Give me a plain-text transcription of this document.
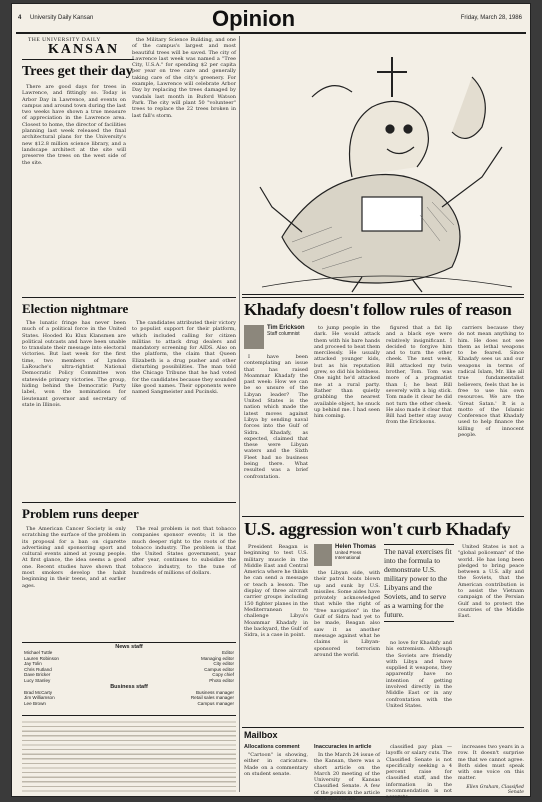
4 University Daily Kansan	Opinion	Friday, March 28, 1986
THE UNIVERSITY DAILY
KANSAN
Trees get their day

There are good days for trees in Lawrence, and fittingly so. Today is Arbor Day in Lawrence, and events on campus and around town during the last two weeks have shown a true measure of appreciation in the Lawrence area. Closest to home, the director of facilities planning last week released the final architectural plans for the University's new $12.8 million science library, and a landscape architect at the site will preserve the trees on the west side of the site.

the Military Science Building, and one of the campus's largest and most beautiful trees will be saved. The city of Lawrence last week was named a "Tree City, U.S.A." for spending $2 per capita per year on tree care and generally taking care of the city's greenery. For example, Lawrence will celebrate Arbor Day by replacing the trees damaged by vandals last month in Buford Watson Park. The city will plant 50 "volunteer" trees to replace the 22 trees broken in last fall's storm.

Election nightmare

The lunatic fringe has never been much of a political force in the United States. Hooded Ku Klux Klansmen are political outcasts and have been unable to translate their message into electoral victories. But last week for the first time, two members of Lyndon LaRouche's ultra-rightist National Democratic Policy Committee won statewide primary victories. The group, hiding behind the Democratic Party label, won the nominations for lieutenant governor and secretary of state in Illinois.

The candidates attributed their victory to populist support for their platform, which included calling for citizen militias to attack drug dealers and mandatory screening for AIDS. Also on the platform, the claim that Queen Elizabeth is a drug pusher and other disturbing possibilities. The man told the Chicago Tribune that he had voted for the candidates because they sounded like good names. Their opponents were named Sangmeister and Pucinski.

Problem runs deeper

The American Cancer Society is only scratching the surface of the problem in its proposal for a ban on cigarette advertising and sponsoring sport and cultural events aimed at young people. At first glance, the idea seems a good one. Recent studies have shown that most smokers develop the habit beginning in their teens, and at earlier ages.

The real problem is not that tobacco companies sponsor events; it is the much deeper right to the roots of the tobacco industry. The problem is that the United States government, year after year, continues to subsidize the tobacco industry, to the tune of hundreds of millions of dollars.

News staff
Michael Tuttle	Editor
Lauren Robinson	Managing editor
Jay Tolin	City editor
Chris Rutland	Campus editor
Dave Bricker	Copy chief
Lucy Stanley	Photo editor
Business staff
Brad McCarty	Business manager
Jim Williamson	Retail sales manager
Lee Brown	Campus manager
Khadafy doesn't follow rules of reason
Tim Erickson
Staff columnist

I have been contemplating an issue that has raised Moammar Khadafy the past week: How we can be so unsure of the Libyan leader? The United States is the nation which made the latest moves against Libya by sending naval forces into the Gulf of Sidra. Khadafy, as expected, claimed that these were Libyan waters and the Sixth Fleet had no business being there. What resulted was a brief confrontation.

to jump people in the dark. He would attack them with his bare hands and proceed to beat them mercilessly. He usually attacked younger kids, but as his reputation grew, so did his boldness. One night he'd attacked me at a rural party. Rather than quietly grabbing the nearest available object, he snuck up behind me. I had seen him coming.

figured that a fat lip and a black eye were relatively insignificant. I decided to forgive him and to turn the other cheek. The next week, Bill attacked my twin brother, Tom. Tom was more of a pragmatist than I; he beat Bill severely with a big stick. Tom made it clear he did not turn the other cheek. He also made it clear that Bill had better stay away from the Ericksons.

carriers because they do not mean anything to him. He does not see them as lethal weapons to be feared. Since Khadafy sees us and our weapons in terms of radical Islam, Mr. like all true fundamentalist believers, feels that he is free to use his own resources. We are the 'Great Satan.' It is a motto of the Islamic Conference that Khadafy used to help finance the killing of innocent people.

U.S. aggression won't curb Khadafy

President Reagan is beginning to test U.S. military muscle in the Middle East and Central America where he thinks he can send a message or teach a lesson. The display of three aircraft carrier groups including 150 fighter planes in the Mediterranean to challenge Libya's Moammar Khadafy in the backyard, the Gulf of Sidra, is a case in point.

Helen Thomas
United Press International

the Libyan side, with their patrol boats blown up and sunk by U.S. missiles. Some aides have privately acknowledged that while the right of "free navigation" in the Gulf of Sidra had yet to be made, Reagan also saw it as another message against what he claims is Libyan-sponsored terrorism around the world.

The naval exercises fit into the formula to demonstrate U.S. military power to the Libyans and the Soviets, and to serve as a warning for the future.

no love for Khadafy and his extremism. Although the Soviets are friendly with Libya and have supplied it weapons, they apparently have no intention of getting involved directly in the Middle East or in any confrontation with the United States.

United States is not a "global policeman" of the world. He has long been pledged to bring peace between a U.S. ally and the Soviets, that the American contribution is to assist the Vietnam campaign of the Persian Gulf and to protect the countries of the Middle East.

Mailbox
Allocations comment

"Cartoon" is showing, either in caricature. Made on a commentary on student senate.

Inaccuracies in article

In the March 24 issue of the Kansan, there was a short article on the March 20 meeting of the University of Kansas Classified Senate. A few of the points in the article were inaccurate.

classified pay plan — layoffs or salary cuts. The Classified Senate is not specifically seeking a 4 percent raise for classified staff, and the information in the recommendation is not accurate.

increases two years in a row. It doesn't surprise me that we cannot agree. Both sides must speak with one voice on this matter.

Ellen Graham, Classified Senate
